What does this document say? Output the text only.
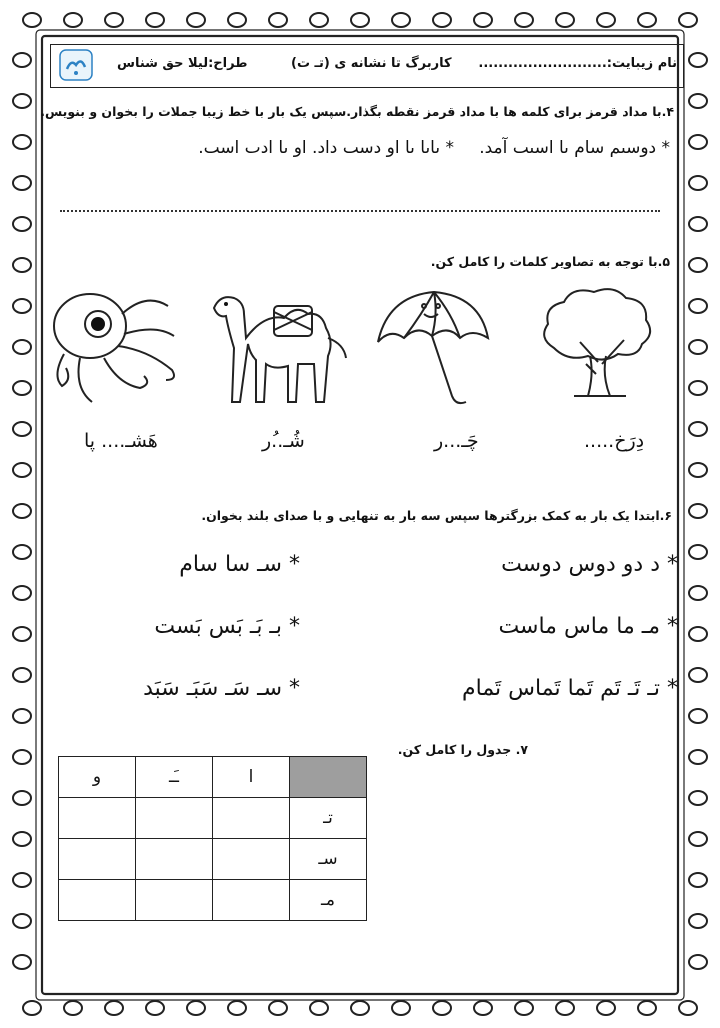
نام زیبایت:..........................
کاربرگ تا نشانه ی (تـ ت)
طراح:لیلا حق شناس
۴.با مداد قرمز برای کلمه ها با مداد قرمز نقطه بگذار.سپس یک بار با خط زیبا جملات را بخوان و بنویس.
* دوسىم سام ىا اسىٮ آمد.
* ٮاٮا ٮا او دسٮ داد. او ٮا ادٮ اسٮ.
۵.با توجه به تصاویر کلمات را کامل کن.
دِرَخ.....
چَـ...ر
شُـ..ُر
هَشـ.... پا
۶.ابتدا یک بار به کمک بزرگترها سپس سه بار به تنهایی و با صدای بلند بخوان.
* د دو دوس دوست
* سـ سا سام
* مـ ما ماس ماست
* بـ بَـ بَس بَست
* تـ تَـ تَم تَما تَماس تَمام
* سـ سَـ سَبَـ سَبَد
۷. جدول را کامل کن.
	ا	ـَـ	و
تـ			
سـ			
مـ			
